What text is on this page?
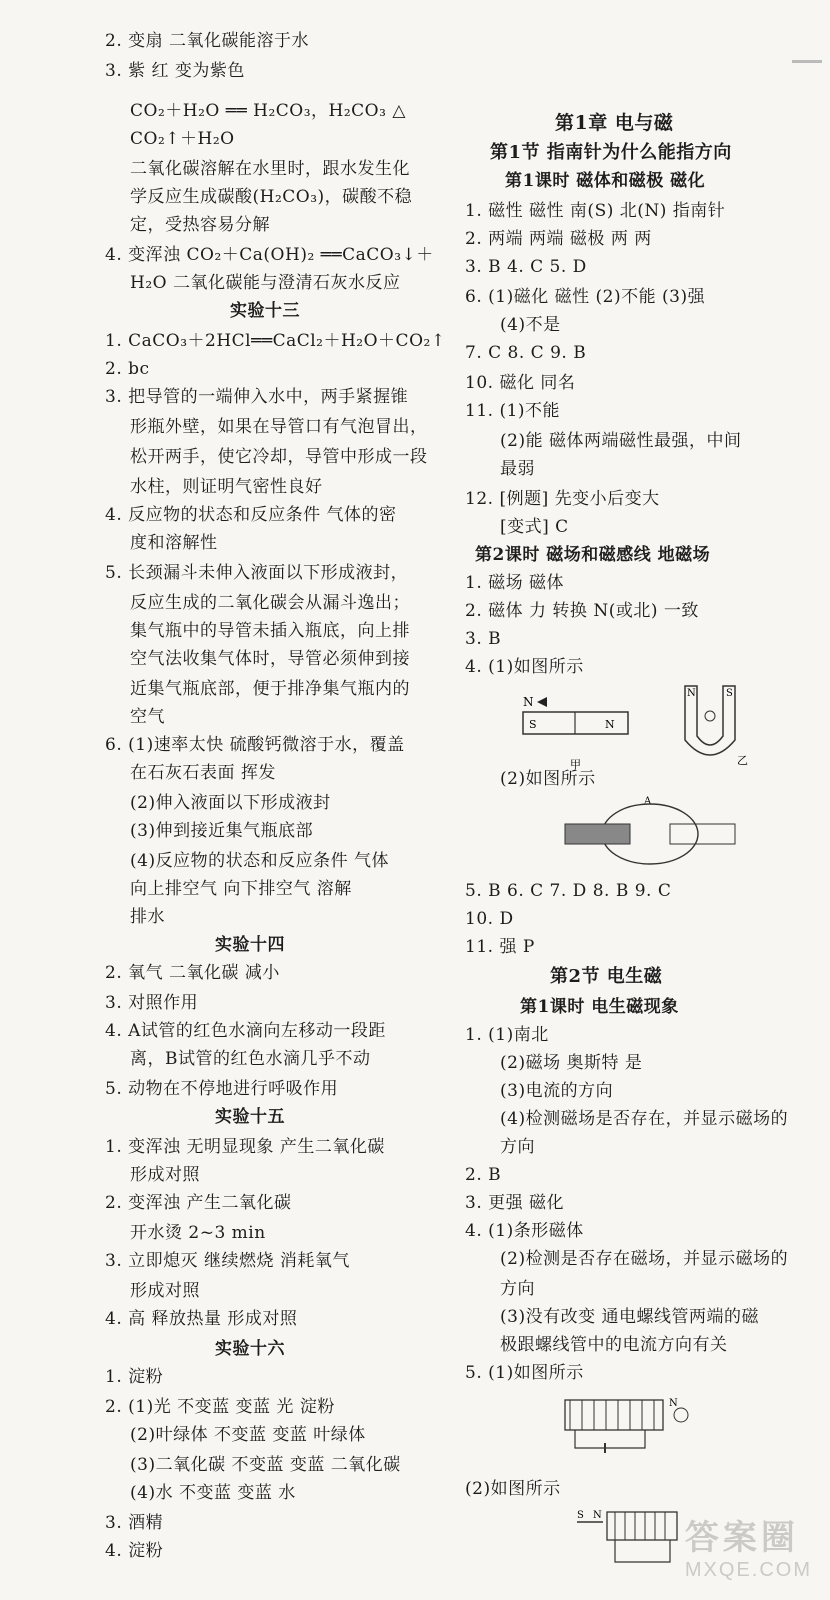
2. 变扇 二氧化碳能溶于水
3. 紫 红 变为紫色
CO₂＋H₂O ══ H₂CO₃，H₂CO₃ △
CO₂↑＋H₂O
二氧化碳溶解在水里时，跟水发生化
学反应生成碳酸(H₂CO₃)，碳酸不稳
定，受热容易分解
4. 变浑浊 CO₂＋Ca(OH)₂ ══CaCO₃↓＋
H₂O 二氧化碳能与澄清石灰水反应
实验十三
1. CaCO₃＋2HCl══CaCl₂＋H₂O＋CO₂↑
2. bc
3. 把导管的一端伸入水中，两手紧握锥
形瓶外壁，如果在导管口有气泡冒出，
松开两手，使它冷却，导管中形成一段
水柱，则证明气密性良好
4. 反应物的状态和反应条件 气体的密
度和溶解性
5. 长颈漏斗未伸入液面以下形成液封，
反应生成的二氧化碳会从漏斗逸出；
集气瓶中的导管未插入瓶底，向上排
空气法收集气体时，导管必须伸到接
近集气瓶底部，便于排净集气瓶内的
空气
6. (1)速率太快 硫酸钙微溶于水，覆盖
在石灰石表面 挥发
(2)伸入液面以下形成液封
(3)伸到接近集气瓶底部
(4)反应物的状态和反应条件 气体
向上排空气 向下排空气 溶解
排水
实验十四
2. 氧气 二氧化碳 减小
3. 对照作用
4. A试管的红色水滴向左移动一段距
离，B试管的红色水滴几乎不动
5. 动物在不停地进行呼吸作用
实验十五
1. 变浑浊 无明显现象 产生二氧化碳
形成对照
2. 变浑浊 产生二氧化碳
开水烫 2~3 min
3. 立即熄灭 继续燃烧 消耗氧气
形成对照
4. 高 释放热量 形成对照
实验十六
1. 淀粉
2. (1)光 不变蓝 变蓝 光 淀粉
(2)叶绿体 不变蓝 变蓝 叶绿体
(3)二氧化碳 不变蓝 变蓝 二氧化碳
(4)水 不变蓝 变蓝 水
3. 酒精
4. 淀粉
第1章 电与磁
第1节 指南针为什么能指方向
第1课时 磁体和磁极 磁化
1. 磁性 磁性 南(S) 北(N) 指南针
2. 两端 两端 磁极 两 两
3. B 4. C 5. D
6. (1)磁化 磁性 (2)不能 (3)强
(4)不是
7. C 8. C 9. B
10. 磁化 同名
11. (1)不能
(2)能 磁体两端磁性最强，中间
最弱
12. [例题] 先变小后变大
[变式] C
第2课时 磁场和磁感线 地磁场
1. 磁场 磁体
2. 磁体 力 转换 N(或北) 一致
3. B
4. (1)如图所示
N
S	N
甲
N	S
乙
(2)如图所示
A
5. B 6. C 7. D 8. B 9. C
10. D
11. 强 P
第2节 电生磁
第1课时 电生磁现象
1. (1)南北
(2)磁场 奥斯特 是
(3)电流的方向
(4)检测磁场是否存在，并显示磁场的
方向
2. B
3. 更强 磁化
4. (1)条形磁体
(2)检测是否存在磁场，并显示磁场的
方向
(3)没有改变 通电螺线管两端的磁
极跟螺线管中的电流方向有关
5. (1)如图所示
N
(2)如图所示
S N
答案圈
MXQE.COM
